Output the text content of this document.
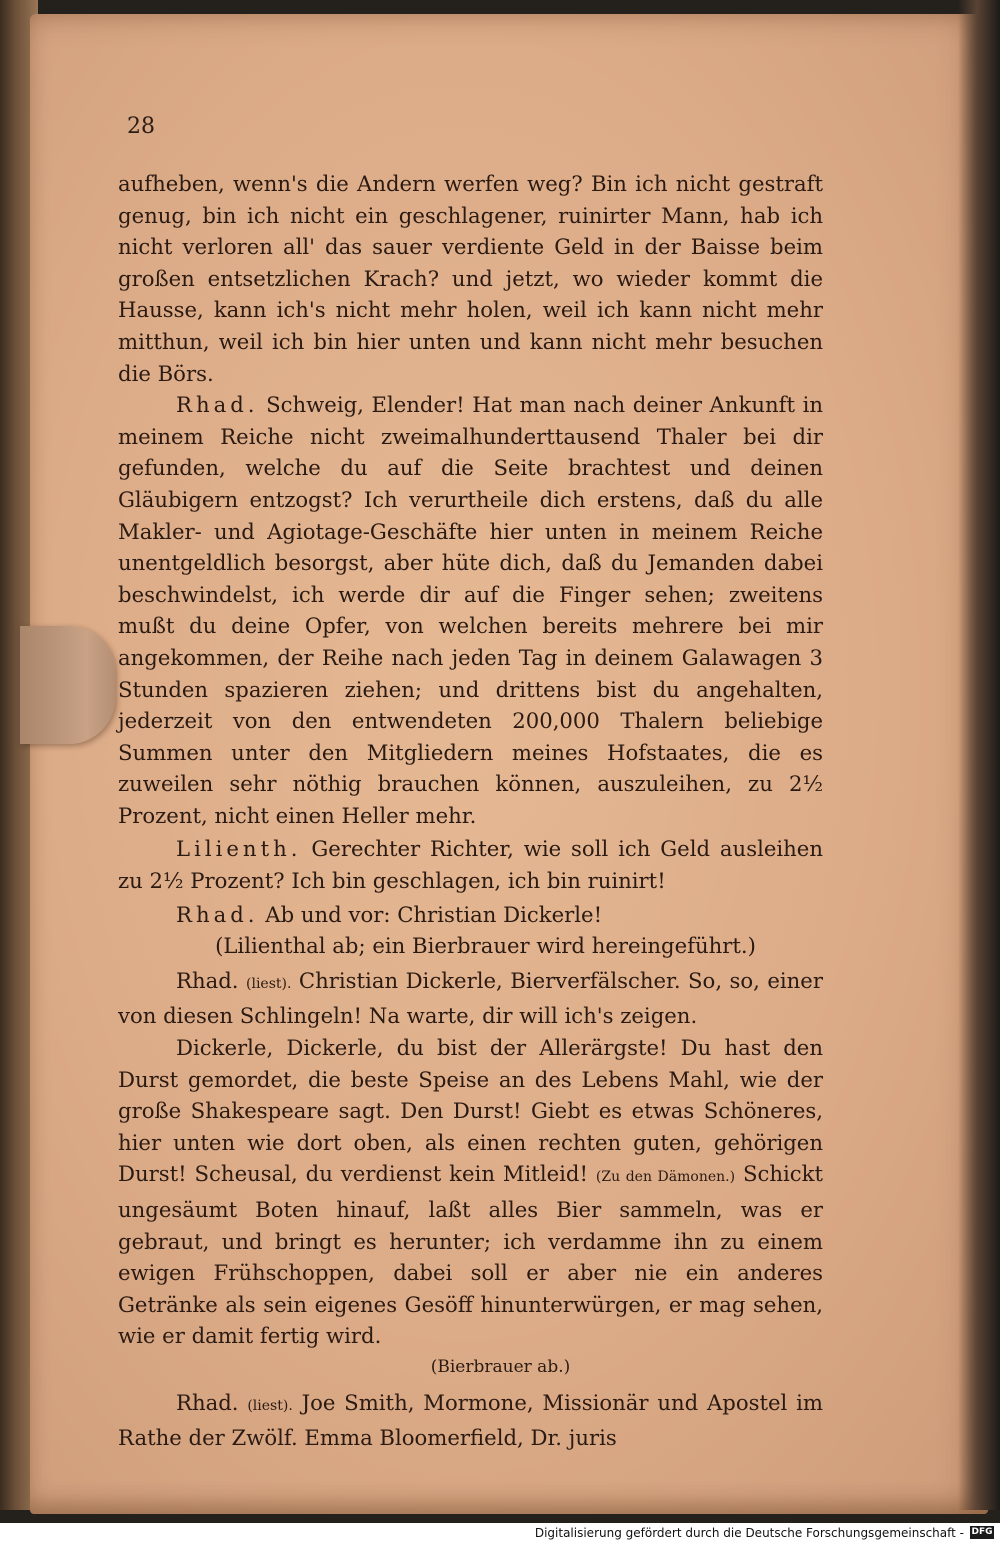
28

aufheben, wenn's die Andern werfen weg? Bin ich nicht gestraft genug, bin ich nicht ein geschlagener, ruinirter Mann, hab ich nicht verloren all' das sauer verdiente Geld in der Baisse beim großen entsetzlichen Krach? und jetzt, wo wieder kommt die Hausse, kann ich's nicht mehr holen, weil ich kann nicht mehr mitthun, weil ich bin hier unten und kann nicht mehr besuchen die Börs.

Rhad. Schweig, Elender! Hat man nach deiner Ankunft in meinem Reiche nicht zweimalhunderttausend Thaler bei dir gefunden, welche du auf die Seite brachtest und deinen Gläubigern entzogst? Ich verurtheile dich erstens, daß du alle Makler- und Agiotage-Geschäfte hier unten in meinem Reiche unentgeldlich besorgst, aber hüte dich, daß du Jemanden dabei beschwindelst, ich werde dir auf die Finger sehen; zweitens mußt du deine Opfer, von welchen bereits mehrere bei mir angekommen, der Reihe nach jeden Tag in deinem Galawagen 3 Stunden spazieren ziehen; und drittens bist du angehalten, jederzeit von den entwendeten 200,000 Thalern beliebige Summen unter den Mitgliedern meines Hofstaates, die es zuweilen sehr nöthig brauchen können, auszuleihen, zu 2½ Prozent, nicht einen Heller mehr.

Lilienth. Gerechter Richter, wie soll ich Geld ausleihen zu 2½ Prozent? Ich bin geschlagen, ich bin ruinirt!

Rhad. Ab und vor: Christian Dickerle!

(Lilienthal ab; ein Bierbrauer wird hereingeführt.)

Rhad. (liest). Christian Dickerle, Bierverfälscher. So, so, einer von diesen Schlingeln! Na warte, dir will ich's zeigen.

Dickerle, Dickerle, du bist der Allerärgste! Du hast den Durst gemordet, die beste Speise an des Lebens Mahl, wie der große Shakespeare sagt. Den Durst! Giebt es etwas Schöneres, hier unten wie dort oben, als einen rechten guten, gehörigen Durst! Scheusal, du verdienst kein Mitleid! (Zu den Dämonen.) Schickt ungesäumt Boten hinauf, laßt alles Bier sammeln, was er gebraut, und bringt es herunter; ich verdamme ihn zu einem ewigen Frühschoppen, dabei soll er aber nie ein anderes Getränke als sein eigenes Gesöff hinunterwürgen, er mag sehen, wie er damit fertig wird.

(Bierbrauer ab.)

Rhad. (liest). Joe Smith, Mormone, Missionär und Apostel im Rathe der Zwölf. Emma Bloomerfield, Dr. juris

Digitalisierung gefördert durch die Deutsche Forschungsgemeinschaft - DFG
